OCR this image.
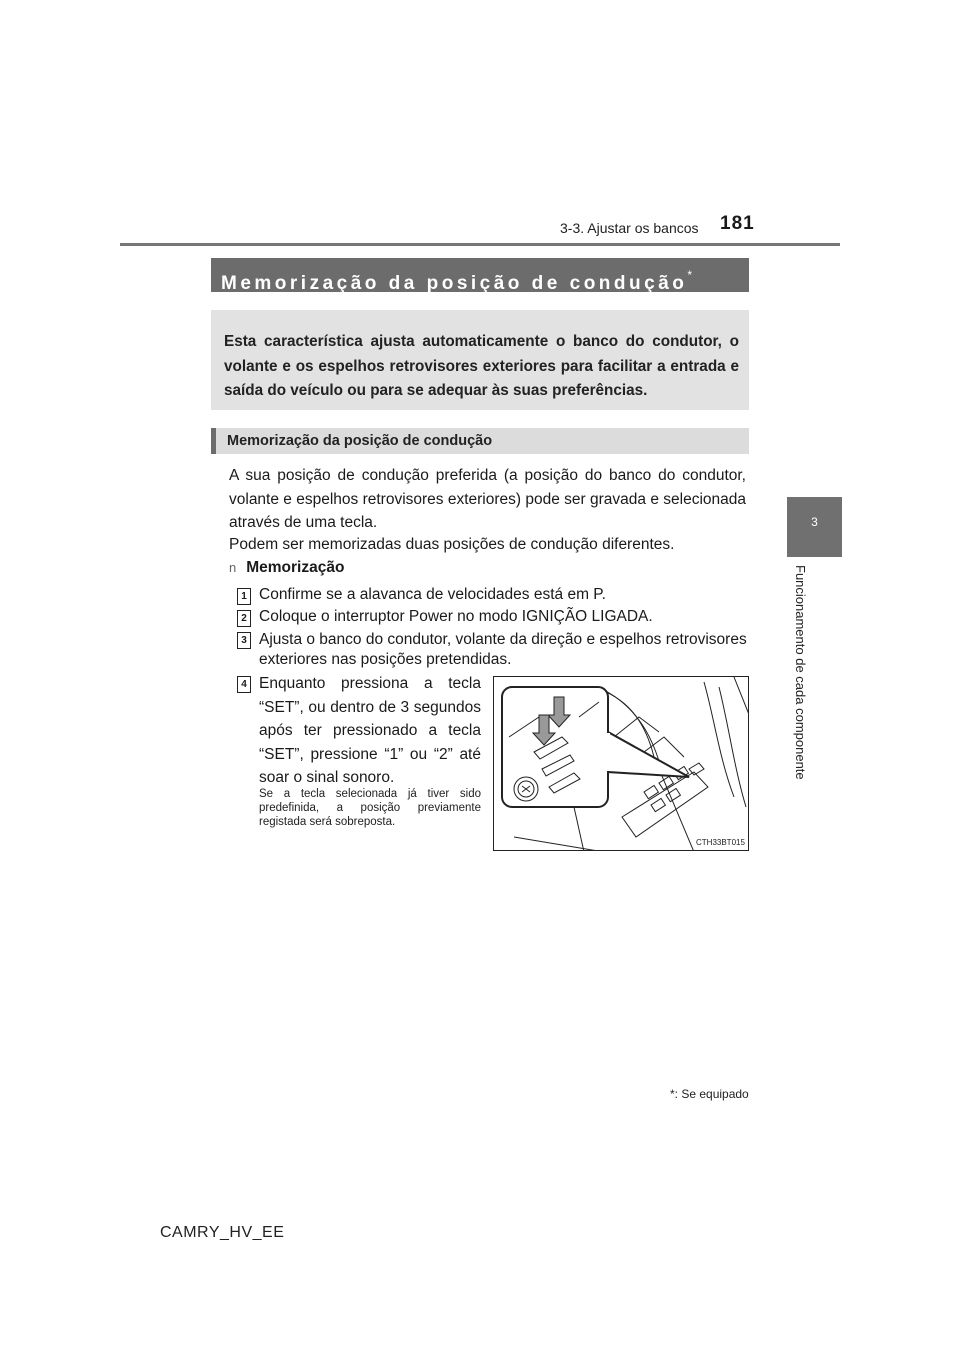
3-3. Ajustar os bancos 181
3
Funcionamento de cada componente
Memorização da posição de condução*
Esta característica ajusta automaticamente o banco do condutor, o volante e os espelhos retrovisores exteriores para facilitar a entrada e saída do veículo ou para se adequar às suas preferências.
Memorização da posição de condução
A sua posição de condução preferida (a posição do banco do condutor, volante e espelhos retrovisores exteriores) pode ser gravada e selecionada através de uma tecla.
Podem ser memorizadas duas posições de condução diferentes.
n Memorização
1 Confirme se a alavanca de velocidades está em P.
2 Coloque o interruptor Power no modo IGNIÇÃO LIGADA.
3 Ajusta o banco do condutor, volante da direção e espelhos retrovisores exteriores nas posições pretendidas.
4 Enquanto pressiona a tecla “SET”, ou dentro de 3 segundos após ter pressionado a tecla “SET”, pressione “1” ou “2” até soar o sinal sonoro.
Se a tecla selecionada já tiver sido predefinida, a posição previamente registada será sobreposta.
CTH33BT015
*: Se equipado
CAMRY_HV_EE
